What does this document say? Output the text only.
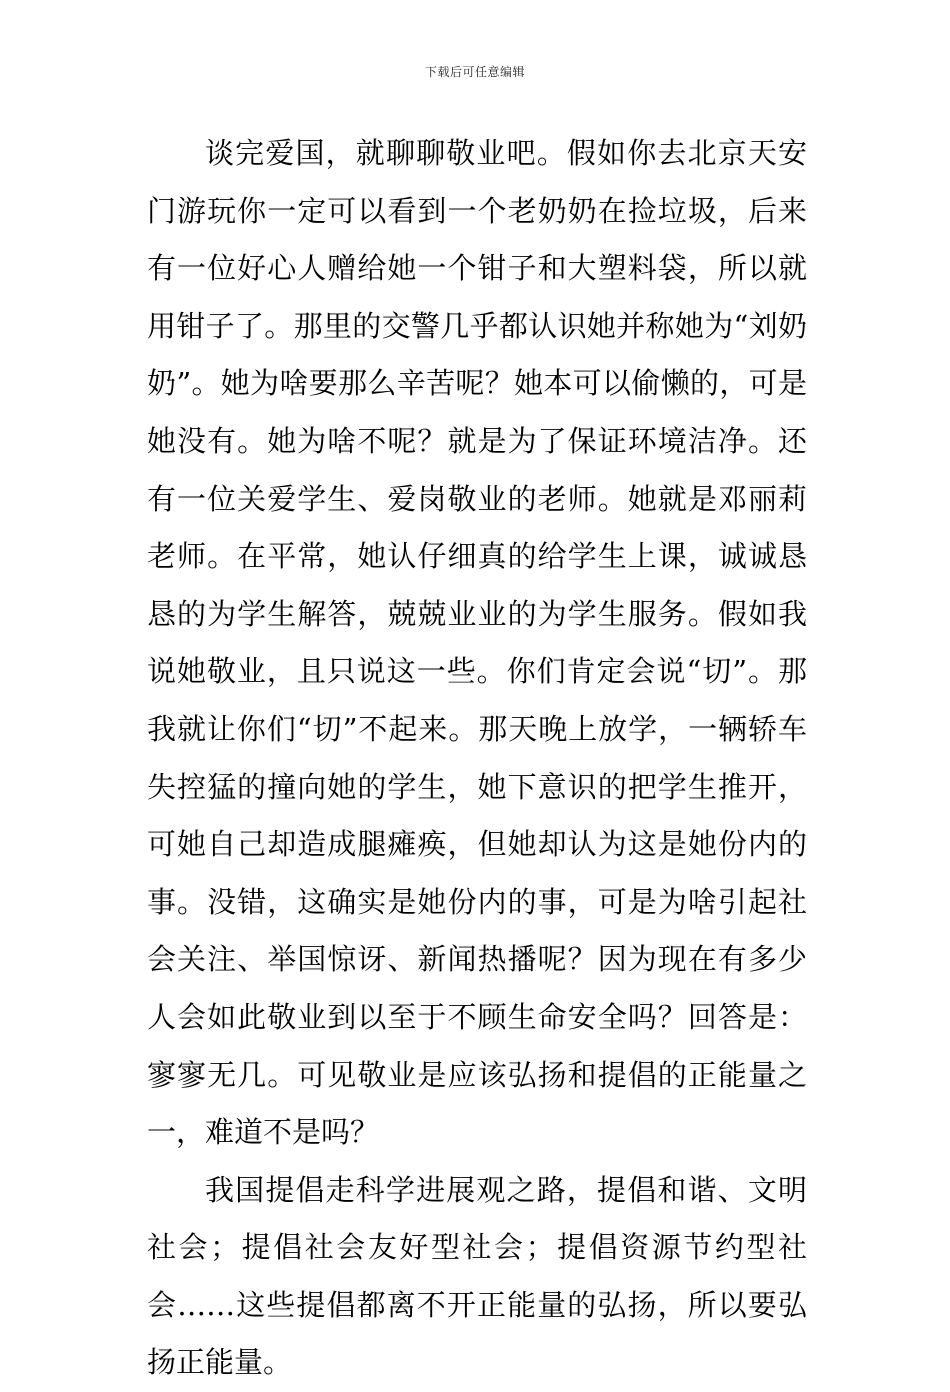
下载后可任意编辑

谈完爱国，就聊聊敬业吧。假如你去北京天安门游玩你一定可以看到一个老奶奶在捡垃圾，后来有一位好心人赠给她一个钳子和大塑料袋，所以就用钳子了。那里的交警几乎都认识她并称她为“刘奶奶”。她为啥要那么辛苦呢？她本可以偷懒的，可是她没有。她为啥不呢？就是为了保证环境洁净。还有一位关爱学生、爱岗敬业的老师。她就是邓丽莉老师。在平常，她认仔细真的给学生上课，诚诚恳恳的为学生解答，兢兢业业的为学生服务。假如我说她敬业，且只说这一些。你们肯定会说“切”。那我就让你们“切”不起来。那天晚上放学，一辆轿车失控猛的撞向她的学生，她下意识的把学生推开，可她自己却造成腿瘫痪，但她却认为这是她份内的事。没错，这确实是她份内的事，可是为啥引起社会关注、举国惊讶、新闻热播呢？因为现在有多少人会如此敬业到以至于不顾生命安全吗？回答是：寥寥无几。可见敬业是应该弘扬和提倡的正能量之一，难道不是吗？

我国提倡走科学进展观之路，提倡和谐、文明社会；提倡社会友好型社会；提倡资源节约型社会……这些提倡都离不开正能量的弘扬，所以要弘扬正能量。
